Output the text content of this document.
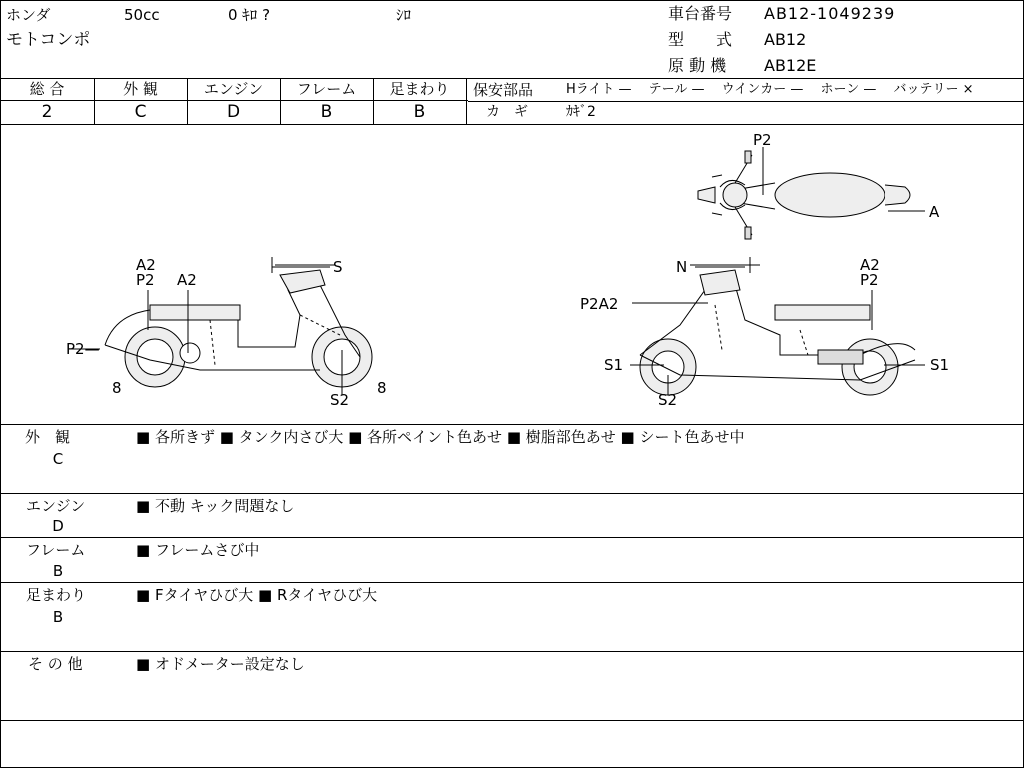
ホンダ	50cc	0 ｷﾛ ?	ｼﾛ
モトコンポ
車台番号 AB12-1049239
型　　式 AB12
原 動 機 AB12E
総 合	外 観	エンジン	フレーム	足まわり
2	C	D	B	B
保安部品	Hライト —　 テール —　 ウインカー —　 ホーン —　 バッテリー ×
カ　ギ	ｶｷﾞ2
P2
A
A2
P2 A2
S
P2—
8	8
S2
N	A2
P2
P2A2
S1	S1
S2
外　観
C
■ 各所きず ■ タンク内さび大 ■ 各所ペイント色あせ ■ 樹脂部色あせ ■ シート色あせ中
エンジン
D
■ 不動 キック問題なし
フレーム
B
■ フレームさび中
足まわり
B
■ Fタイヤひび大 ■ Rタイヤひび大
そ の 他	■ オドメーター設定なし
